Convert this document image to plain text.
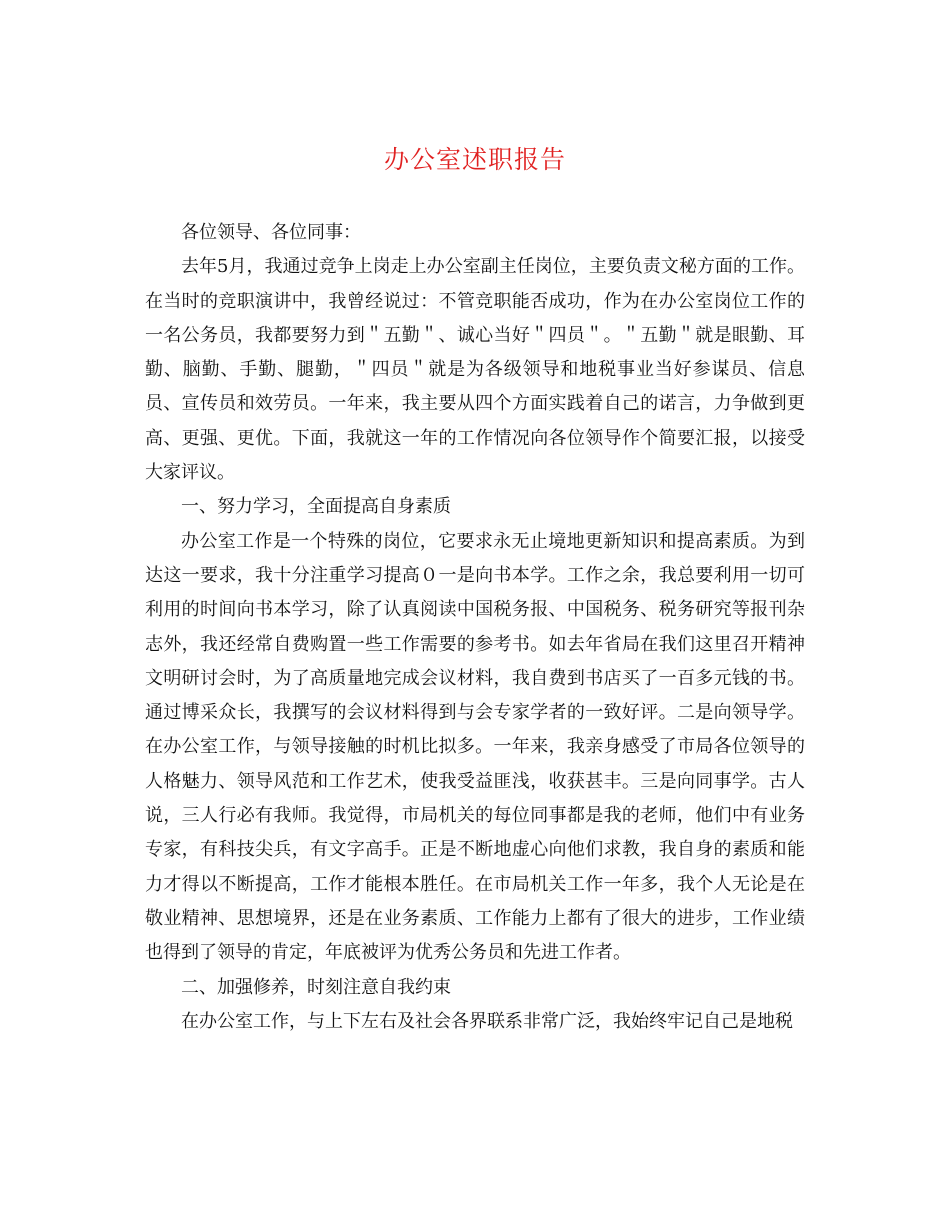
办公室述职报告

各位领导、各位同事：

去年5月，我通过竞争上岗走上办公室副主任岗位，主要负责文秘方面的工作。在当时的竞职演讲中，我曾经说过：不管竞职能否成功，作为在办公室岗位工作的一名公务员，我都要努力到＂五勤＂、诚心当好＂四员＂。＂五勤＂就是眼勤、耳勤、脑勤、手勤、腿勤，＂四员＂就是为各级领导和地税事业当好参谋员、信息员、宣传员和效劳员。一年来，我主要从四个方面实践着自己的诺言，力争做到更高、更强、更优。下面，我就这一年的工作情况向各位领导作个简要汇报，以接受大家评议。

一、努力学习，全面提高自身素质

办公室工作是一个特殊的岗位，它要求永无止境地更新知识和提高素质。为到达这一要求，我十分注重学习提高０一是向书本学。工作之余，我总要利用一切可利用的时间向书本学习，除了认真阅读中国税务报、中国税务、税务研究等报刊杂志外，我还经常自费购置一些工作需要的参考书。如去年省局在我们这里召开精神文明研讨会时，为了高质量地完成会议材料，我自费到书店买了一百多元钱的书。通过博采众长，我撰写的会议材料得到与会专家学者的一致好评。二是向领导学。在办公室工作，与领导接触的时机比拟多。一年来，我亲身感受了市局各位领导的人格魅力、领导风范和工作艺术，使我受益匪浅，收获甚丰。三是向同事学。古人说，三人行必有我师。我觉得，市局机关的每位同事都是我的老师，他们中有业务专家，有科技尖兵，有文字高手。正是不断地虚心向他们求教，我自身的素质和能力才得以不断提高，工作才能根本胜任。在市局机关工作一年多，我个人无论是在敬业精神、思想境界，还是在业务素质、工作能力上都有了很大的进步，工作业绩也得到了领导的肯定，年底被评为优秀公务员和先进工作者。

二、加强修养，时刻注意自我约束

在办公室工作，与上下左右及社会各界联系非常广泛，我始终牢记自己是地税
